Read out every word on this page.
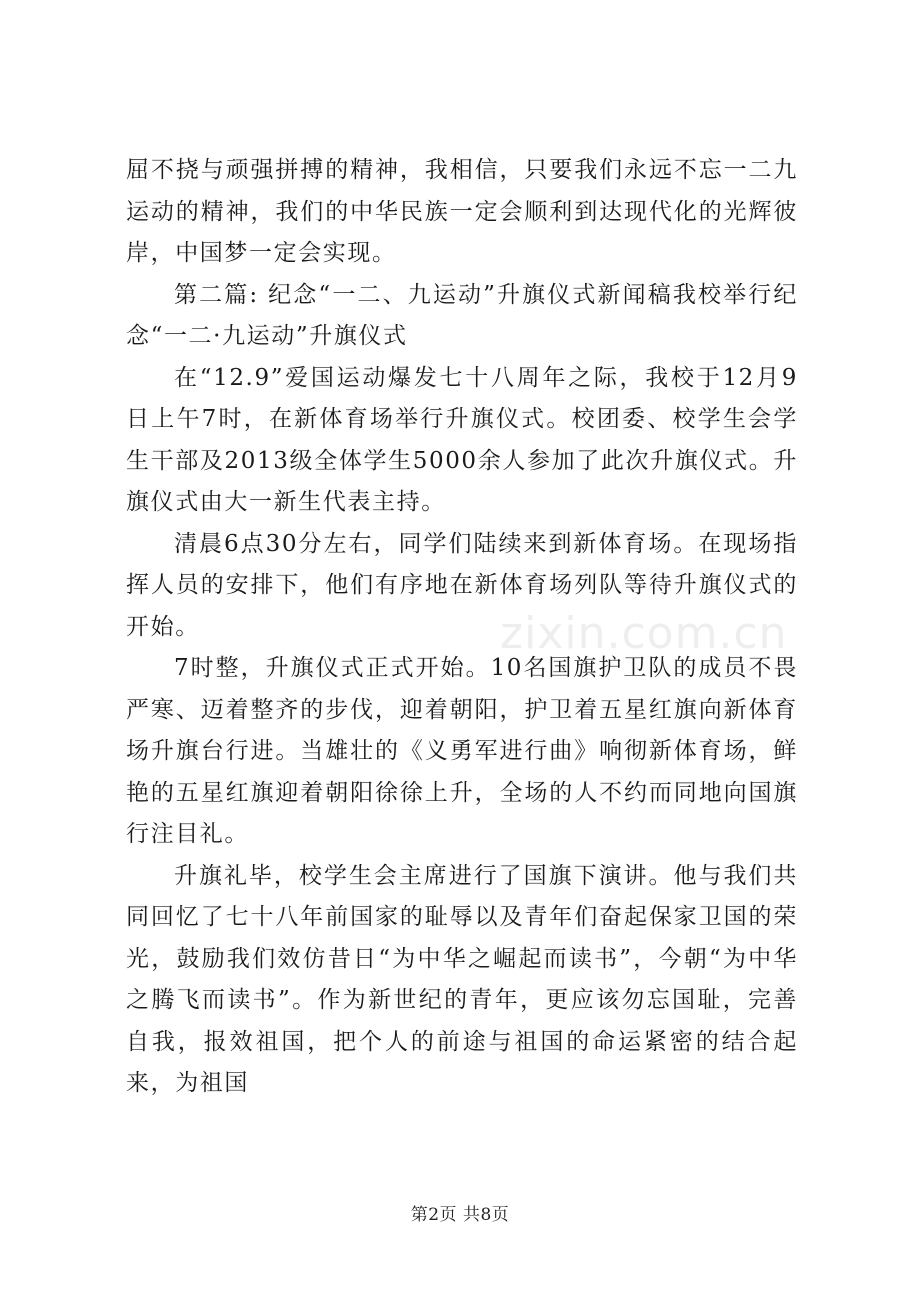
屈不挠与顽强拼搏的精神，我相信，只要我们永远不忘一二九运动的精神，我们的中华民族一定会顺利到达现代化的光辉彼岸，中国梦一定会实现。

第二篇: 纪念“一二、九运动”升旗仪式新闻稿我校举行纪念“一二·九运动”升旗仪式

在“12.9”爱国运动爆发七十八周年之际，我校于12月9日上午7时，在新体育场举行升旗仪式。校团委、校学生会学生干部及2013级全体学生5000余人参加了此次升旗仪式。升旗仪式由大一新生代表主持。

清晨6点30分左右，同学们陆续来到新体育场。在现场指挥人员的安排下，他们有序地在新体育场列队等待升旗仪式的开始。

7时整，升旗仪式正式开始。10名国旗护卫队的成员不畏严寒、迈着整齐的步伐，迎着朝阳，护卫着五星红旗向新体育场升旗台行进。当雄壮的《义勇军进行曲》响彻新体育场，鲜艳的五星红旗迎着朝阳徐徐上升，全场的人不约而同地向国旗行注目礼。

升旗礼毕，校学生会主席进行了国旗下演讲。他与我们共同回忆了七十八年前国家的耻辱以及青年们奋起保家卫国的荣光，鼓励我们效仿昔日“为中华之崛起而读书”，今朝“为中华之腾飞而读书”。作为新世纪的青年，更应该勿忘国耻，完善自我，报效祖国，把个人的前途与祖国的命运紧密的结合起来，为祖国

zixin.com.cn
第2页 共8页
